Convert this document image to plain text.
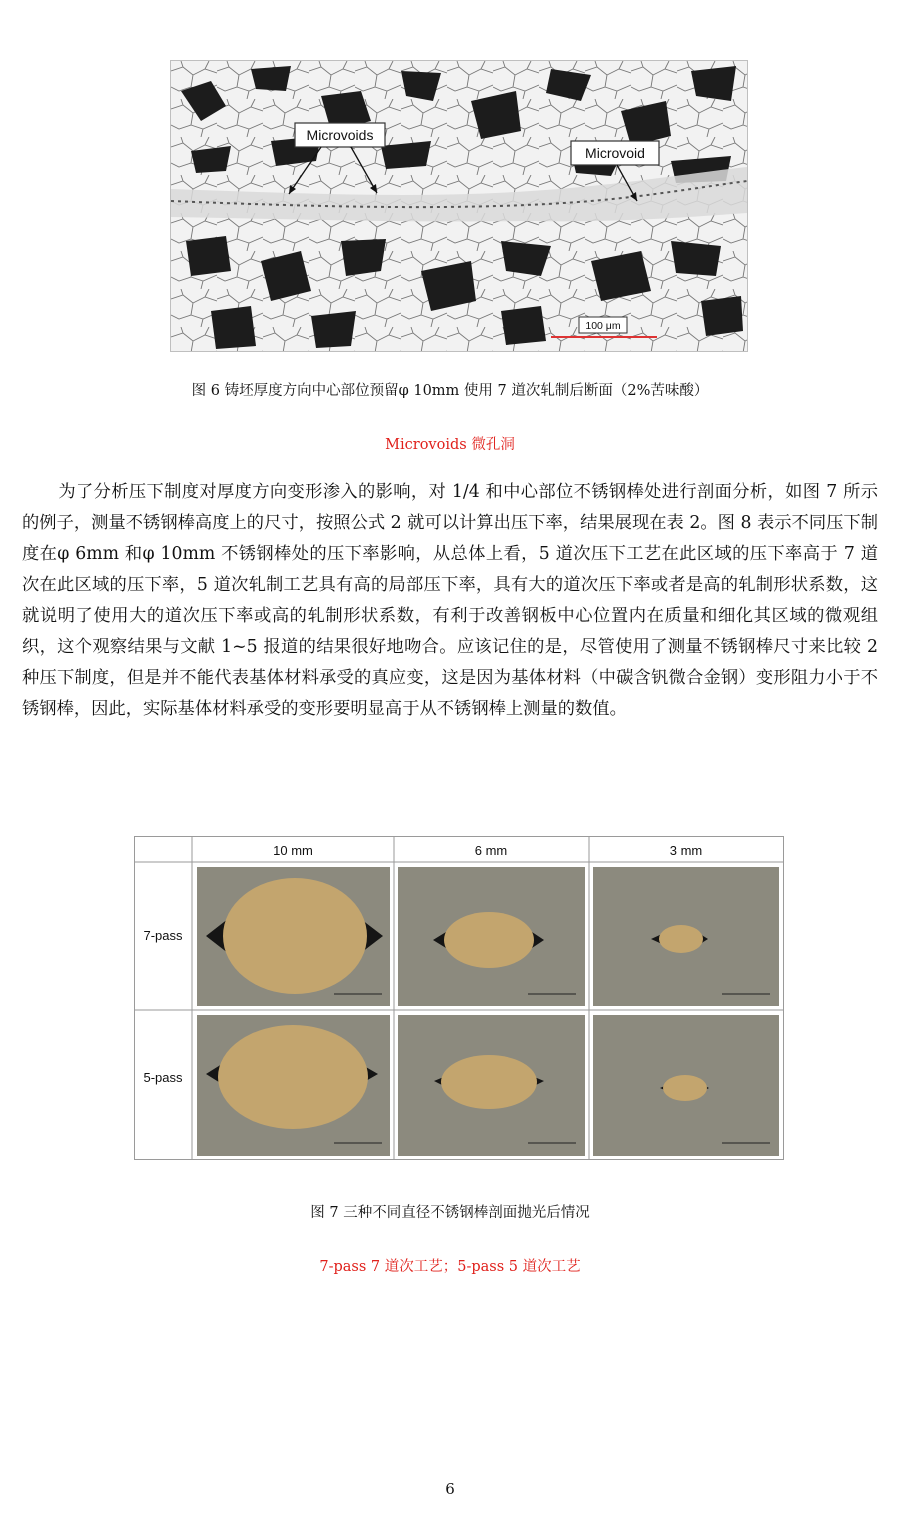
Microvoids
Microvoid
100 μm
图 6 铸坯厚度方向中心部位预留φ 10mm 使用 7 道次轧制后断面（2%苦味酸）
Microvoids 微孔洞

为了分析压下制度对厚度方向变形渗入的影响，对 1/4 和中心部位不锈钢棒处进行剖面分析，如图 7 所示的例子，测量不锈钢棒高度上的尺寸，按照公式 2 就可以计算出压下率，结果展现在表 2。图 8 表示不同压下制度在φ 6mm 和φ 10mm 不锈钢棒处的压下率影响，从总体上看，5 道次压下工艺在此区域的压下率高于 7 道次在此区域的压下率，5 道次轧制工艺具有高的局部压下率，具有大的道次压下率或者是高的轧制形状系数，这就说明了使用大的道次压下率或高的轧制形状系数，有利于改善钢板中心位置内在质量和细化其区域的微观组织，这个观察结果与文献 1~5 报道的结果很好地吻合。应该记住的是，尽管使用了测量不锈钢棒尺寸来比较 2 种压下制度，但是并不能代表基体材料承受的真应变，这是因为基体材料（中碳含钒微合金钢）变形阻力小于不锈钢棒，因此，实际基体材料承受的变形要明显高于从不锈钢棒上测量的数值。

10 mm	6 mm	3 mm
7-pass
5-pass
图 7 三种不同直径不锈钢棒剖面抛光后情况
7-pass 7 道次工艺；5-pass 5 道次工艺
6
